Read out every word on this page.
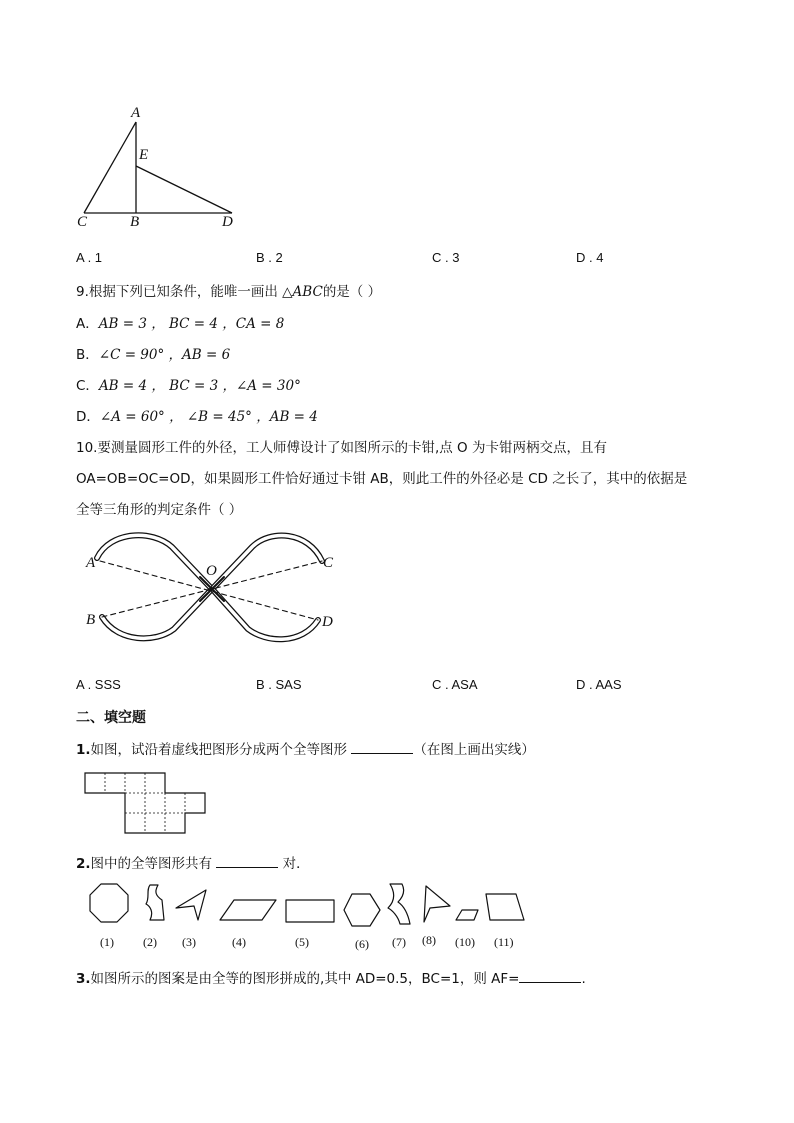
A
E
C	B	D
A . 1	B . 2	C . 3	D . 4
9.根据下列已知条件，能唯一画出 △ABC的是（ ）
A．AB = 3 ， BC = 4 ，CA = 8
B．∠C = 90° ，AB = 6
C．AB = 4 ， BC = 3 ，∠A = 30°
D．∠A = 60° ， ∠B = 45° ，AB = 4
10.要测量圆形工件的外径，工人师傅设计了如图所示的卡钳,点 O 为卡钳两柄交点，且有
OA=OB=OC=OD，如果圆形工件恰好通过卡钳 AB，则此工件的外径必是 CD 之长了，其中的依据是
全等三角形的判定条件（ ）
A
B
C
D
O
A . SSS	B . SAS	C . ASA	D . AAS
二、填空题
1.如图，试沿着虚线把图形分成两个全等图形	（在图上画出实线）
2.图中的全等图形共有	对．
(1) (2) (3)	(4)	(5)	(6) (7) (8) (10) (11)
3.如图所示的图案是由全等的图形拼成的,其中 AD=0.5，BC=1，则 AF=	.
